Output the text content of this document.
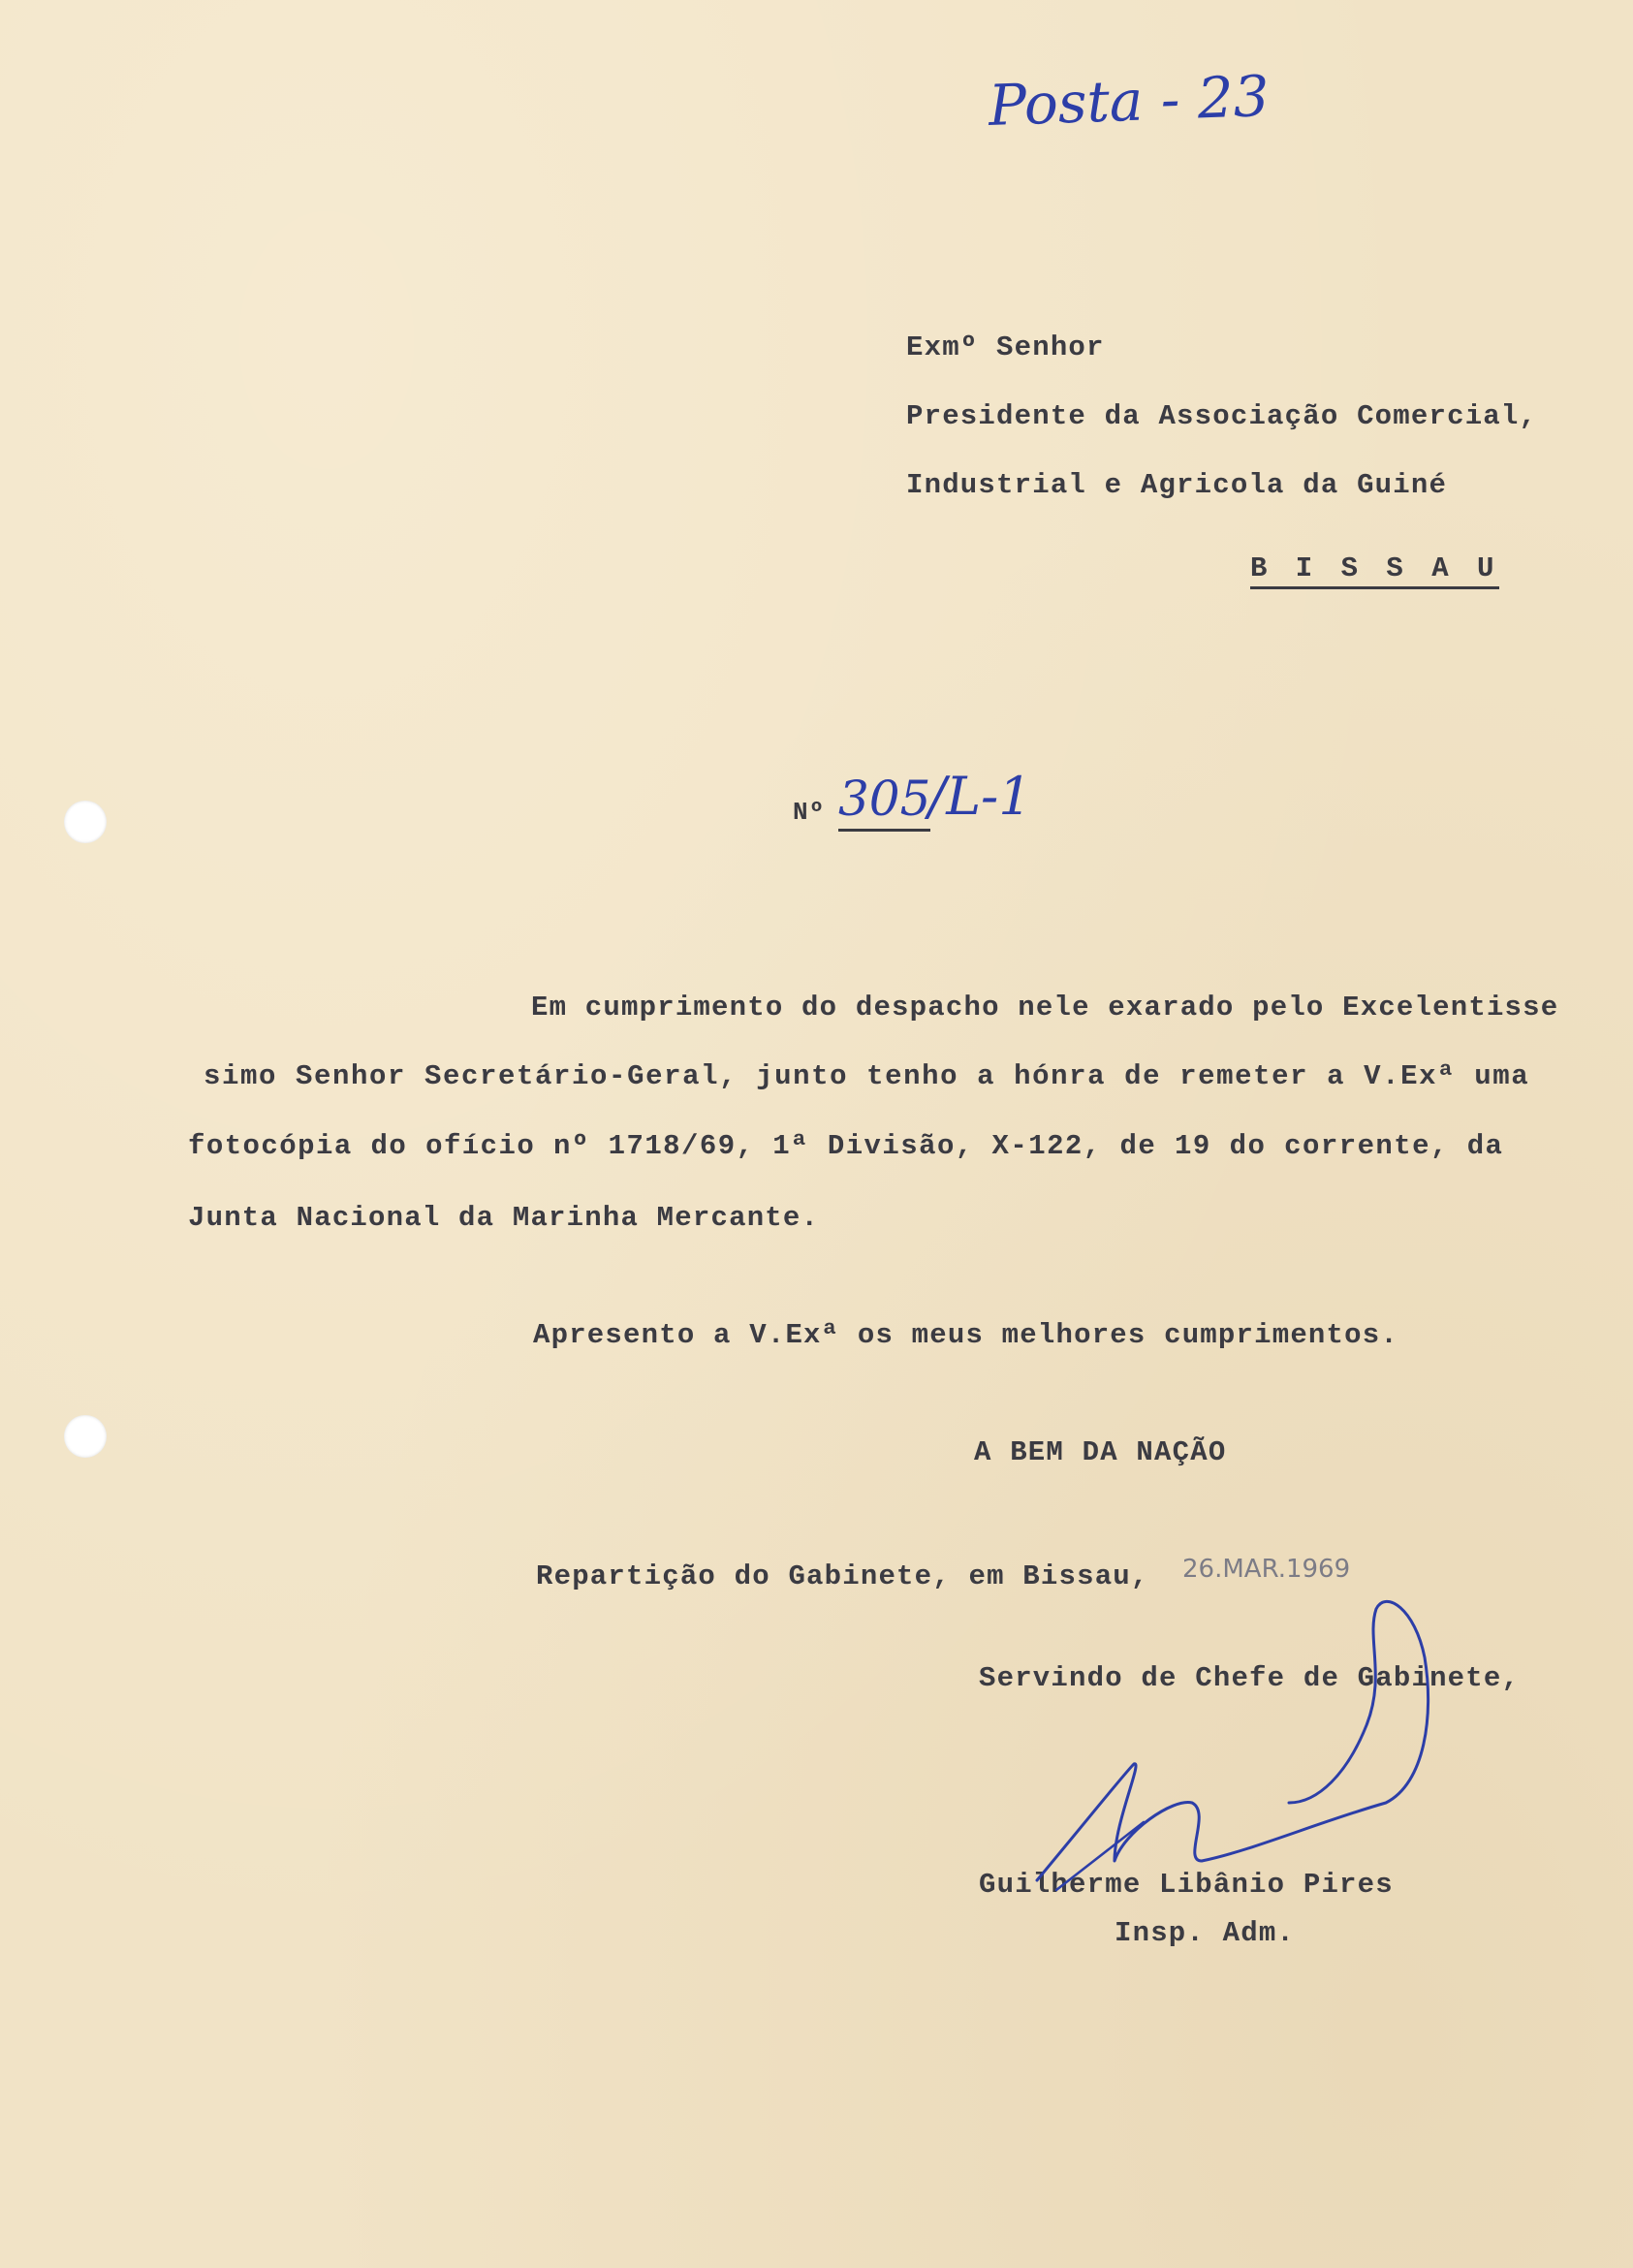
Posta - 23
Exmº Senhor
Presidente da Associação Comercial,
Industrial e Agricola da Guiné
B I S S A U
Nº 305
/L-1
Em cumprimento do despacho nele exarado pelo Excelentisse
simo Senhor Secretário-Geral, junto tenho a hónra de remeter a V.Exª uma
fotocópia do ofício nº 1718/69, 1ª Divisão, X-122, de 19 do corrente, da
Junta Nacional da Marinha Mercante.
Apresento a V.Exª os meus melhores cumprimentos.
A BEM DA NAÇÃO
Repartição do Gabinete, em Bissau, 26.MAR.1969
Servindo de Chefe de Gabinete,
Guilherme Libânio Pires
Insp. Adm.
